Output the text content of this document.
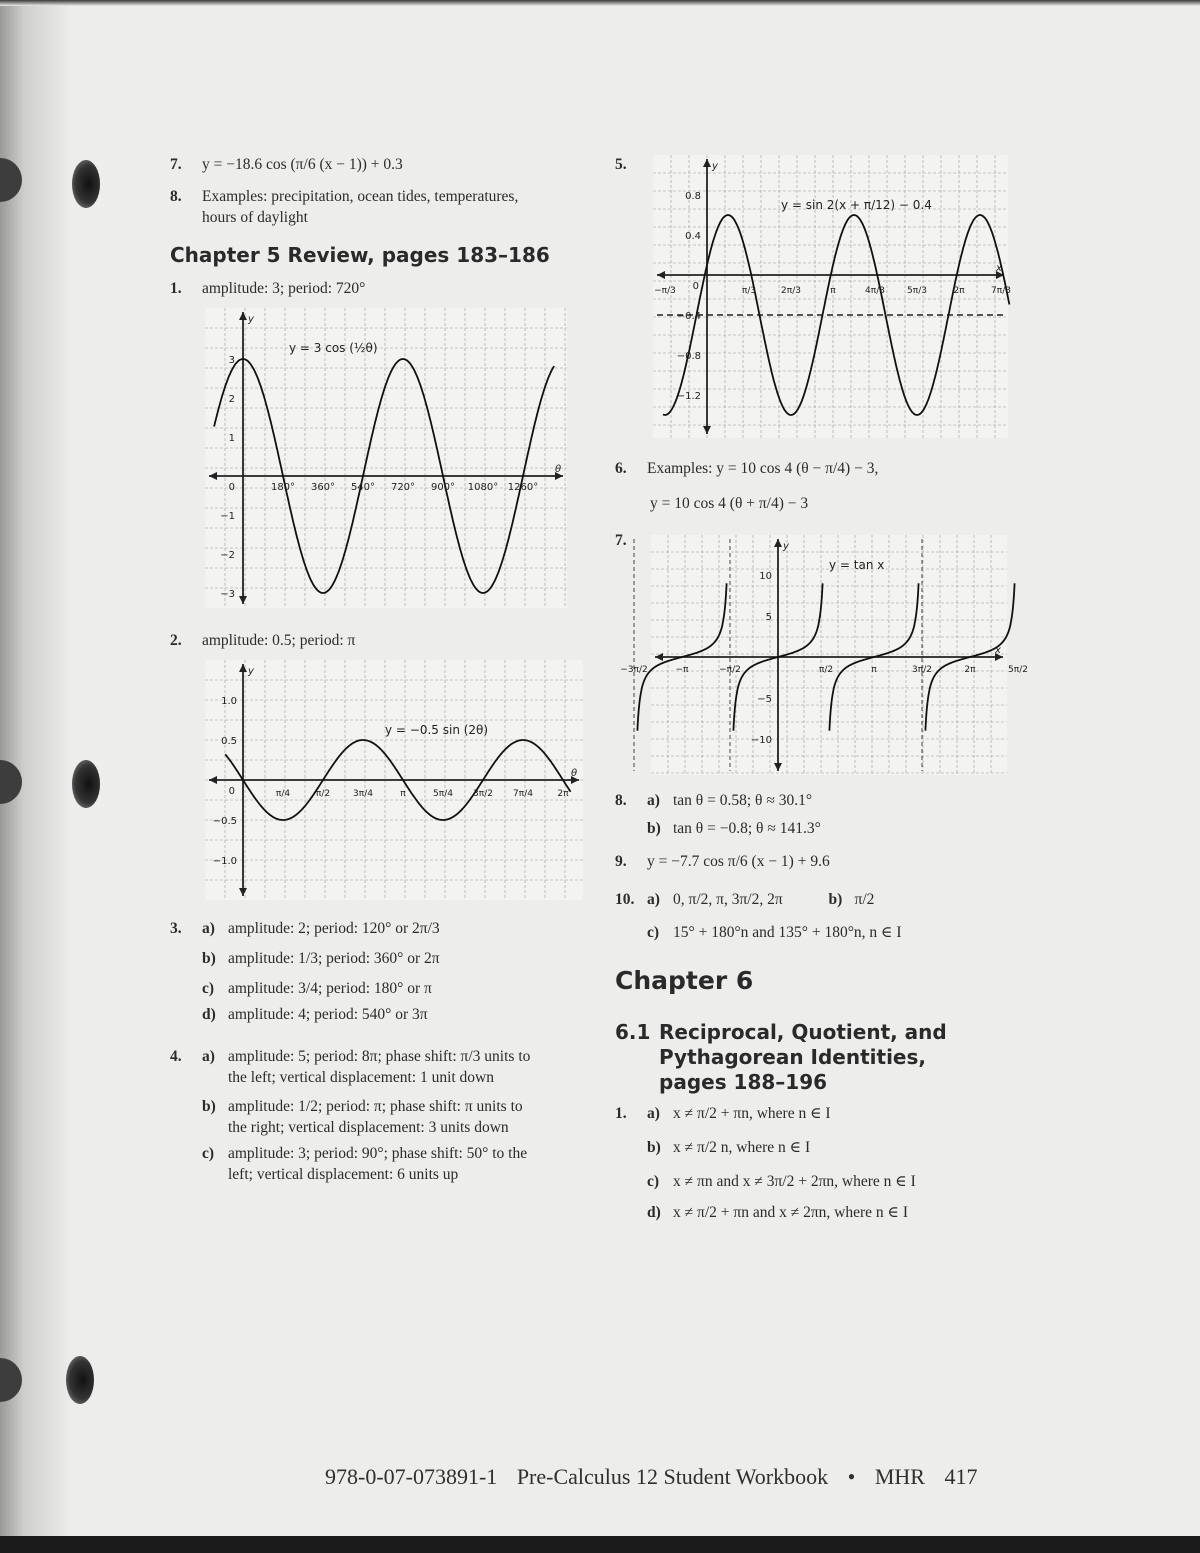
7. y = −18.6 cos (π/6 (x − 1)) + 0.3
8. Examples: precipitation, ocean tides, temperatures,
hours of daylight
Chapter 5 Review, pages 183–186
1. amplitude: 3; period: 720°
2. amplitude: 0.5; period: π
3. a) amplitude: 2; period: 120° or 2π/3
b) amplitude: 1/3; period: 360° or 2π
c) amplitude: 3/4; period: 180° or π
d) amplitude: 4; period: 540° or 3π
4. a) amplitude: 5; period: 8π; phase shift: π/3 units to
the left; vertical displacement: 1 unit down
b) amplitude: 1/2; period: π; phase shift: π units to
the right; vertical displacement: 3 units down
c) amplitude: 3; period: 90°; phase shift: 50° to the
left; vertical displacement: 6 units up
y
θ
180° 360° 540° 720° 900° 1080° 1260°
3
2
1
−1
−2
−3
0
y = 3 cos (½θ)
y
θ
π/4	π/2	3π/4	π	5π/4 3π/2 7π/4	2π
1.0
0.5
−0.5
−1.0
0
y = −0.5 sin (2θ)
y
x
−π/3	π/3	2π/3	π	4π/3 5π/3	2π	7π/3
0.8
0.4
−0.4
−0.8
−1.2
0
y = sin 2(x + π/12) − 0.4
y
x
−3π/2	−π	−π/2	π/2	π	3π/2	2π	5π/2
10
5
−5
−10
y = tan x
5.
6. Examples: y = 10 cos 4 (θ − π/4) − 3,
y = 10 cos 4 (θ + π/4) − 3
7.
8. a) tan θ = 0.58; θ ≈ 30.1°
b) tan θ = −0.8; θ ≈ 141.3°
9. y = −7.7 cos π/6 (x − 1) + 9.6
10. a) 0, π/2, π, 3π/2, 2π	b) π/2
c) 15° + 180°n and 135° + 180°n, n ∈ I
Chapter 6
6.1 Reciprocal, Quotient, and
Pythagorean Identities,
pages 188–196
1. a) x ≠ π/2 + πn, where n ∈ I
b) x ≠ π/2 n, where n ∈ I
c) x ≠ πn and x ≠ 3π/2 + 2πn, where n ∈ I
d) x ≠ π/2 + πn and x ≠ 2πn, where n ∈ I
978-0-07-073891-1 Pre-Calculus 12 Student Workbook • MHR 417
